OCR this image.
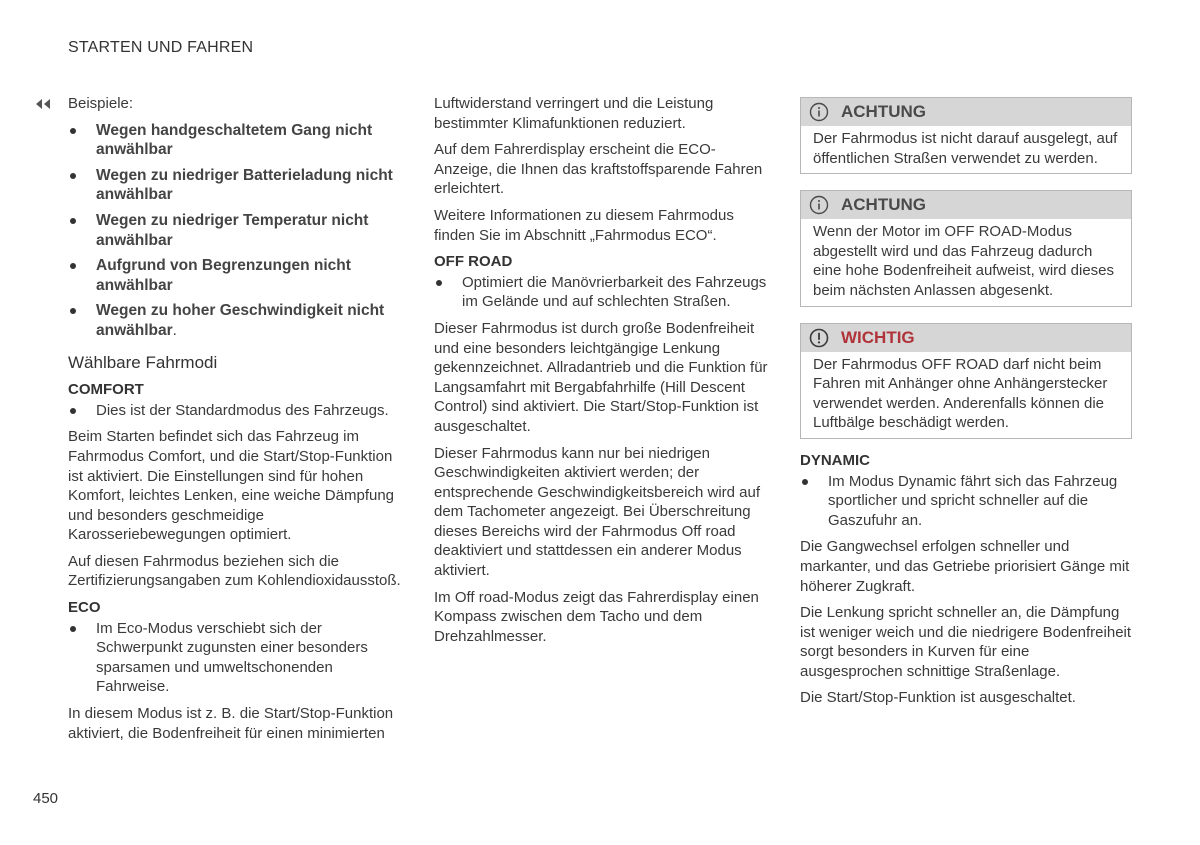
STARTEN UND FAHREN

Beispiele:

Wegen handgeschaltetem Gang nicht anwählbar
Wegen zu niedriger Batterieladung nicht anwählbar
Wegen zu niedriger Temperatur nicht anwählbar
Aufgrund von Begrenzungen nicht anwählbar
Wegen zu hoher Geschwindigkeit nicht anwählbar.
Wählbare Fahrmodi
COMFORT
Dies ist der Standardmodus des Fahrzeugs.

Beim Starten befindet sich das Fahrzeug im Fahrmodus Comfort, und die Start/Stop-Funktion ist aktiviert. Die Einstellungen sind für hohen Komfort, leichtes Lenken, eine weiche Dämpfung und besonders geschmeidige Karosseriebewegungen optimiert.

Auf diesen Fahrmodus beziehen sich die Zertifizierungsangaben zum Kohlendioxidausstoß.

ECO
Im Eco-Modus verschiebt sich der Schwerpunkt zugunsten einer besonders sparsamen und umweltschonenden Fahrweise.

In diesem Modus ist z. B. die Start/Stop-Funktion aktiviert, die Bodenfreiheit für einen minimierten

Luftwiderstand verringert und die Leistung bestimmter Klimafunktionen reduziert.

Auf dem Fahrerdisplay erscheint die ECO-Anzeige, die Ihnen das kraftstoffsparende Fahren erleichtert.

Weitere Informationen zu diesem Fahrmodus finden Sie im Abschnitt „Fahrmodus ECO“.

OFF ROAD
Optimiert die Manövrierbarkeit des Fahrzeugs im Gelände und auf schlechten Straßen.

Dieser Fahrmodus ist durch große Bodenfreiheit und eine besonders leichtgängige Lenkung gekennzeichnet. Allradantrieb und die Funktion für Langsamfahrt mit Bergabfahrhilfe (Hill Descent Control) sind aktiviert. Die Start/Stop-Funktion ist ausgeschaltet.

Dieser Fahrmodus kann nur bei niedrigen Geschwindigkeiten aktiviert werden; der entsprechende Geschwindigkeitsbereich wird auf dem Tachometer angezeigt. Bei Überschreitung dieses Bereichs wird der Fahrmodus Off road deaktiviert und stattdessen ein anderer Modus aktiviert.

Im Off road-Modus zeigt das Fahrerdisplay einen Kompass zwischen dem Tacho und dem Drehzahlmesser.

ACHTUNG

Der Fahrmodus ist nicht darauf ausgelegt, auf öffentlichen Straßen verwendet zu werden.

ACHTUNG

Wenn der Motor im OFF ROAD-Modus abgestellt wird und das Fahrzeug dadurch eine hohe Bodenfreiheit aufweist, wird dieses beim nächsten Anlassen abgesenkt.

WICHTIG

Der Fahrmodus OFF ROAD darf nicht beim Fahren mit Anhänger ohne Anhängerstecker verwendet werden. Anderenfalls können die Luftbälge beschädigt werden.

DYNAMIC
Im Modus Dynamic fährt sich das Fahrzeug sportlicher und spricht schneller auf die Gaszufuhr an.

Die Gangwechsel erfolgen schneller und markanter, und das Getriebe priorisiert Gänge mit höherer Zugkraft.

Die Lenkung spricht schneller an, die Dämpfung ist weniger weich und die niedrigere Bodenfreiheit sorgt besonders in Kurven für eine ausgesprochen schnittige Straßenlage.

Die Start/Stop-Funktion ist ausgeschaltet.

450
